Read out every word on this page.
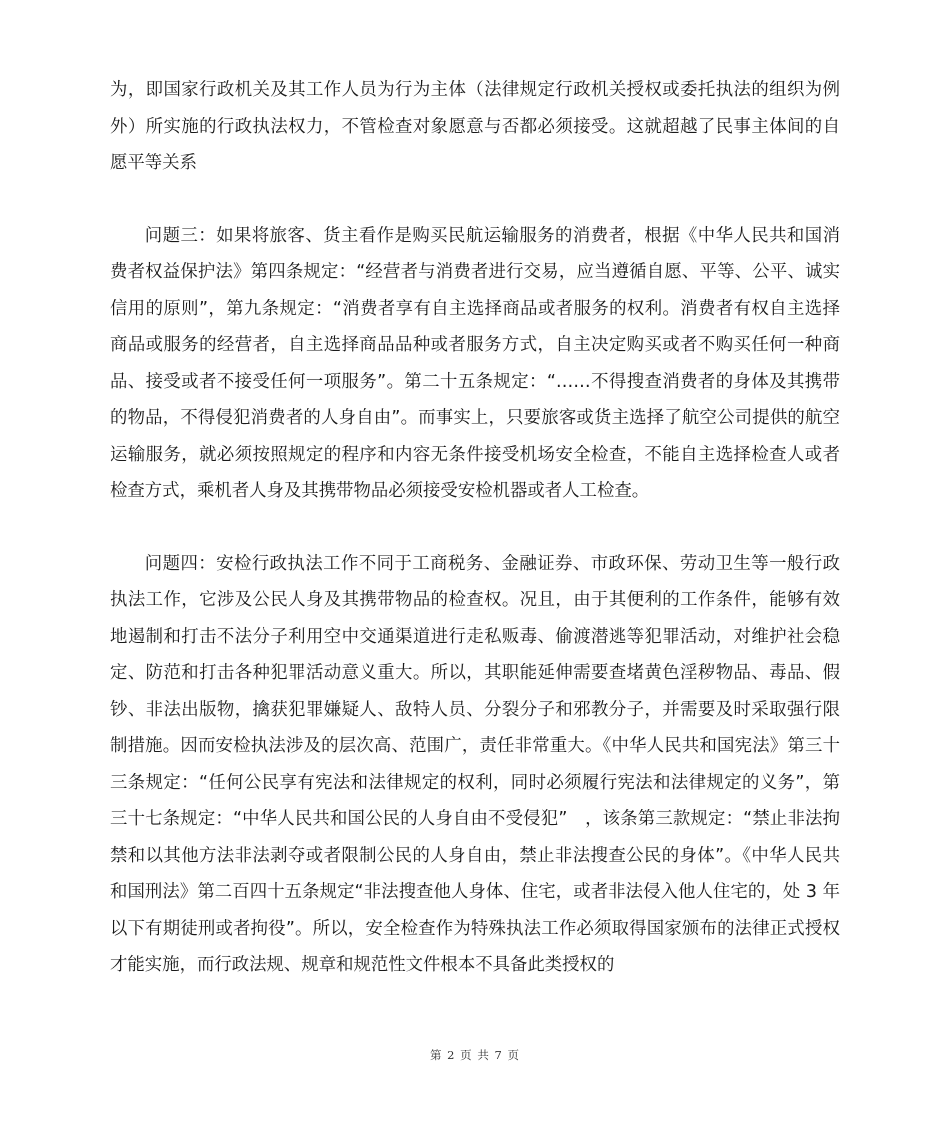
为，即国家行政机关及其工作人员为行为主体（法律规定行政机关授权或委托执法的组织为例外）所实施的行政执法权力，不管检查对象愿意与否都必须接受。这就超越了民事主体间的自愿平等关系

问题三：如果将旅客、货主看作是购买民航运输服务的消费者，根据《中华人民共和国消费者权益保护法》第四条规定：“经营者与消费者进行交易，应当遵循自愿、平等、公平、诚实信用的原则”，第九条规定：“消费者享有自主选择商品或者服务的权利。消费者有权自主选择商品或服务的经营者，自主选择商品品种或者服务方式，自主决定购买或者不购买任何一种商品、接受或者不接受任何一项服务”。第二十五条规定：“……不得搜查消费者的身体及其携带的物品，不得侵犯消费者的人身自由”。而事实上，只要旅客或货主选择了航空公司提供的航空运输服务，就必须按照规定的程序和内容无条件接受机场安全检查，不能自主选择检查人或者检查方式，乘机者人身及其携带物品必须接受安检机器或者人工检查。

问题四：安检行政执法工作不同于工商税务、金融证券、市政环保、劳动卫生等一般行政执法工作，它涉及公民人身及其携带物品的检查权。况且，由于其便利的工作条件，能够有效地遏制和打击不法分子利用空中交通渠道进行走私贩毒、偷渡潜逃等犯罪活动，对维护社会稳定、防范和打击各种犯罪活动意义重大。所以，其职能延伸需要查堵黄色淫秽物品、毒品、假钞、非法出版物，擒获犯罪嫌疑人、敌特人员、分裂分子和邪教分子，并需要及时采取强行限制措施。因而安检执法涉及的层次高、范围广，责任非常重大。《中华人民共和国宪法》第三十三条规定：“任何公民享有宪法和法律规定的权利，同时必须履行宪法和法律规定的义务”，第三十七条规定：“中华人民共和国公民的人身自由不受侵犯”　，该条第三款规定：“禁止非法拘禁和以其他方法非法剥夺或者限制公民的人身自由，禁止非法搜查公民的身体”。《中华人民共和国刑法》第二百四十五条规定“非法搜查他人身体、住宅，或者非法侵入他人住宅的，处 3 年以下有期徒刑或者拘役”。所以，安全检查作为特殊执法工作必须取得国家颁布的法律正式授权才能实施，而行政法规、规章和规范性文件根本不具备此类授权的

第 2 页 共 7 页
